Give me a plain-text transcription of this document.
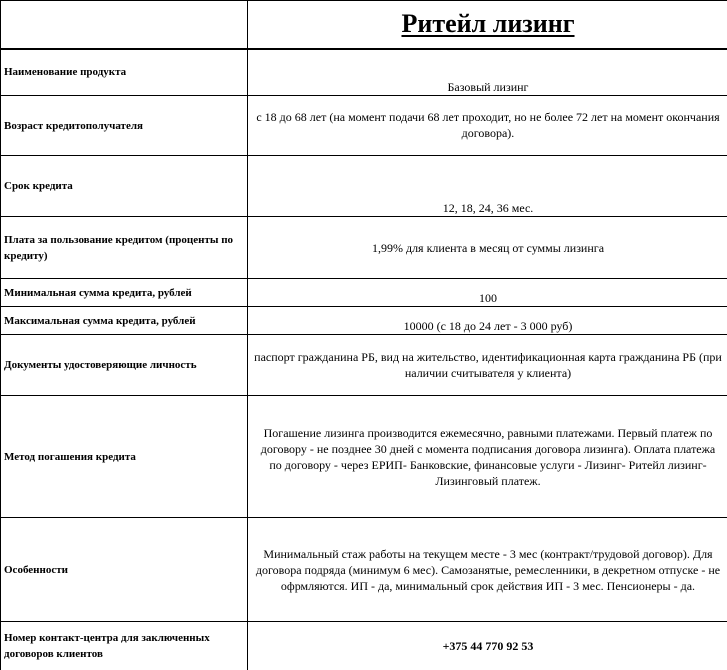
	Ритейл лизинг
Наименование продукта	Базовый лизинг
Возраст кредитополучателя	с 18 до 68 лет (на момент подачи 68 лет проходит, но не более 72 лет на момент окончания договора).
Срок кредита	12, 18, 24, 36 мес.
Плата за пользование кредитом (проценты по кредиту)	1,99% для клиента в месяц от суммы лизинга
Минимальная сумма кредита, рублей	100
Максимальная сумма кредита, рублей	10000 (с 18 до 24 лет - 3 000 руб)
Документы удостоверяющие личность	паспорт гражданина РБ, вид на жительство, идентификационная карта гражданина РБ (при наличии считывателя у клиента)
Метод погашения кредита	Погашение лизинга производится ежемесячно, равными платежами. Первый платеж по договору - не позднее 30 дней с момента подписания договора лизинга). Оплата платежа по договору - через ЕРИП- Банковские, финансовые услуги - Лизинг- Ритейл лизинг- Лизинговый платеж.
Особенности	Минимальный стаж работы на текущем месте - 3 мес (контракт/трудовой договор). Для договора подряда (минимум 6 мес). Самозанятые, ремесленники, в декретном отпуске - не офрмляются. ИП - да, минимальный срок действия ИП - 3 мес. Пенсионеры - да.
Номер контакт-центра для заключенных договоров клиентов	+375 44 770 92 53
